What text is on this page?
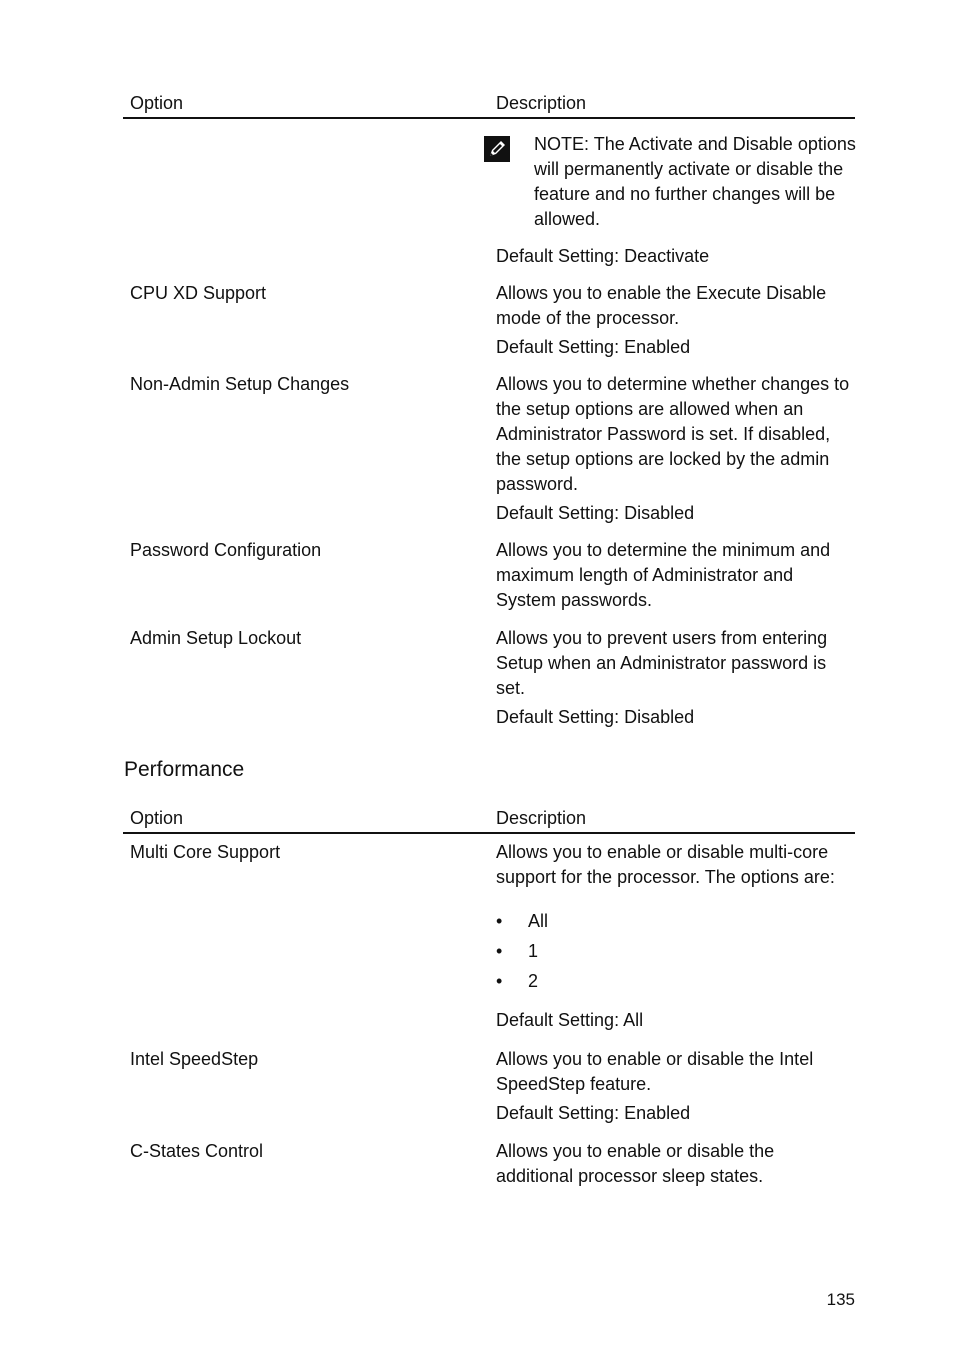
Option	Description

NOTE: The Activate and Disable options will permanently activate or disable the feature and no further changes will be allowed.

Default Setting: Deactivate

CPU XD Support	Allows you to enable the Execute Disable mode of the processor.

Default Setting: Enabled

Non-Admin Setup Changes	Allows you to determine whether changes to the setup options are allowed when an Administrator Password is set. If disabled, the setup options are locked by the admin password.

Default Setting: Disabled

Password Configuration	Allows you to determine the minimum and maximum length of Administrator and System passwords.

Admin Setup Lockout	Allows you to prevent users from entering Setup when an Administrator password is set.

Default Setting: Disabled

Performance
Option	Description
Multi Core Support	Allows you to enable or disable multi-core support for the processor. The options are:

• All
• 1
• 2

Default Setting: All

Intel SpeedStep	Allows you to enable or disable the Intel SpeedStep feature.

Default Setting: Enabled

C-States Control	Allows you to enable or disable the additional processor sleep states.

135
